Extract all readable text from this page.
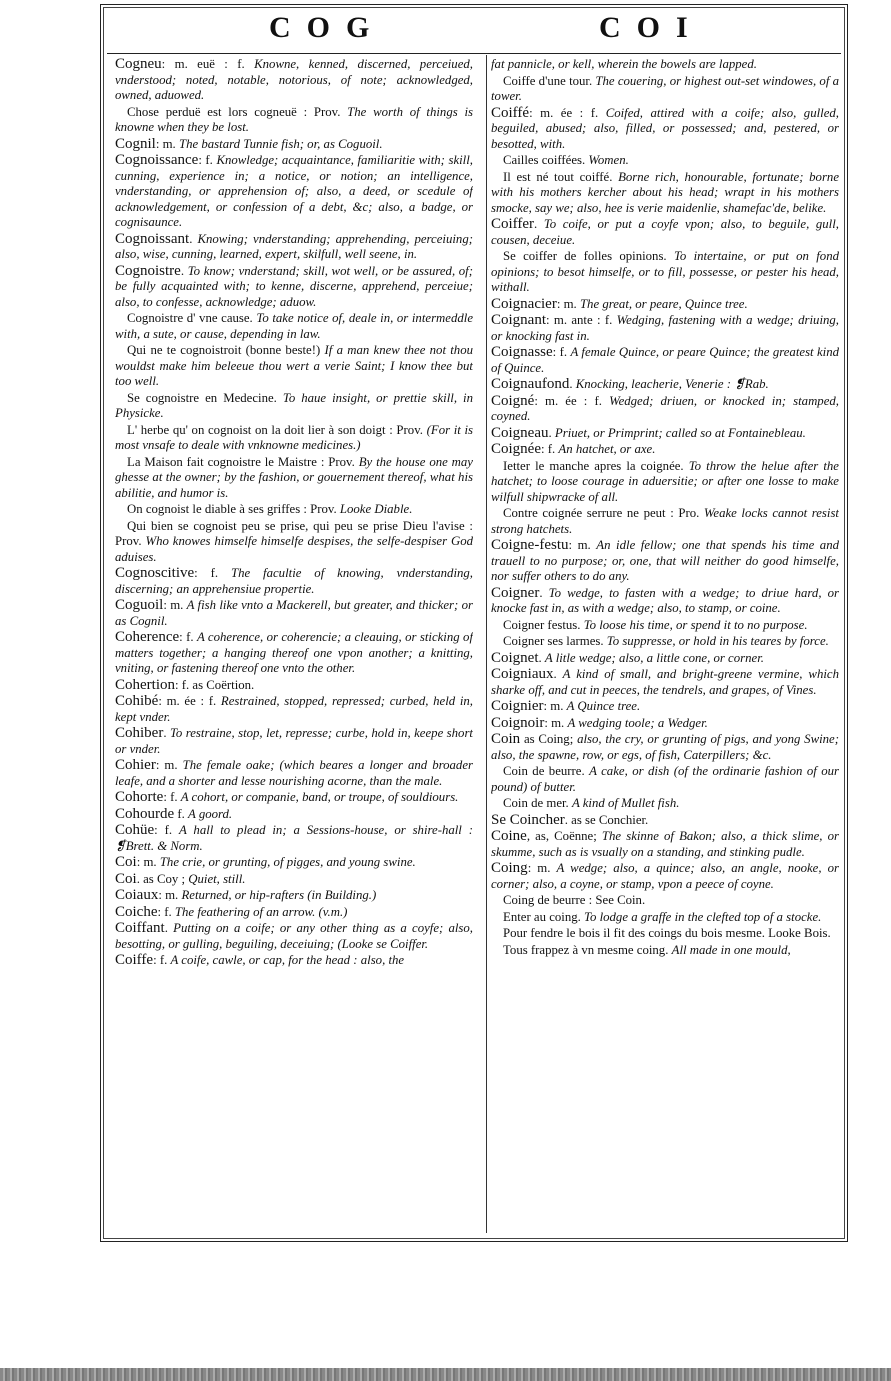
COG	COI

Cogneu: m. euë : f. Knowne, kenned, discerned, perceiued, vnderstood; noted, notable, notorious, of note; acknowledged, owned, aduowed.

Chose perduë est lors cogneuë : Prov. The worth of things is knowne when they be lost.

Cognil: m. The bastard Tunnie fish; or, as Coguoil.

Cognoissance: f. Knowledge; acquaintance, familiaritie with; skill, cunning, experience in; a notice, or notion; an intelligence, vnderstanding, or apprehension of; also, a deed, or scedule of acknowledgement, or confession of a debt, &c; also, a badge, or cognisaunce.

Cognoissant. Knowing; vnderstanding; apprehending, perceiuing; also, wise, cunning, learned, expert, skilfull, well seene, in.

Cognoistre. To know; vnderstand; skill, wot well, or be assured, of; be fully acquainted with; to kenne, discerne, apprehend, perceiue; also, to confesse, acknowledge; aduow.

Cognoistre d' vne cause. To take notice of, deale in, or intermeddle with, a sute, or cause, depending in law.

Qui ne te cognoistroit (bonne beste!) If a man knew thee not thou wouldst make him beleeue thou wert a verie Saint; I know thee but too well.

Se cognoistre en Medecine. To haue insight, or prettie skill, in Physicke.

L' herbe qu' on cognoist on la doit lier à son doigt : Prov. (For it is most vnsafe to deale with vnknowne medicines.)

La Maison fait cognoistre le Maistre : Prov. By the house one may ghesse at the owner; by the fashion, or gouernement thereof, what his abilitie, and humor is.

On cognoist le diable à ses griffes : Prov. Looke Diable.

Qui bien se cognoist peu se prise, qui peu se prise Dieu l'avise : Prov. Who knowes himselfe himselfe despises, the selfe-despiser God aduises.

Cognoscitive: f. The facultie of knowing, vnderstanding, discerning; an apprehensiue propertie.

Coguoil: m. A fish like vnto a Mackerell, but greater, and thicker; or as Cognil.

Coherence: f. A coherence, or coherencie; a cleauing, or sticking of matters together; a hanging thereof one vpon another; a knitting, vniting, or fastening thereof one vnto the other.

Cohertion: f. as Coërtion.

Cohibé: m. ée : f. Restrained, stopped, repressed; curbed, held in, kept vnder.

Cohiber. To restraine, stop, let, represse; curbe, hold in, keepe short or vnder.

Cohier: m. The female oake; (which beares a longer and broader leafe, and a shorter and lesse nourishing acorne, than the male.

Cohorte: f. A cohort, or companie, band, or troupe, of souldiours.

Cohourde f. A goord.

Cohüe: f. A hall to plead in; a Sessions-house, or shire-hall : ❡Brett. & Norm.

Coi: m. The crie, or grunting, of pigges, and young swine.

Coi. as Coy ; Quiet, still.

Coiaux: m. Returned, or hip-rafters (in Building.)

Coiche: f. The feathering of an arrow. (v.m.)

Coiffant. Putting on a coife; or any other thing as a coyfe; also, besotting, or gulling, beguiling, deceiuing; (Looke se Coiffer.

Coiffe: f. A coife, cawle, or cap, for the head : also, the

fat pannicle, or kell, wherein the bowels are lapped.

Coiffe d'une tour. The couering, or highest out-set windowes, of a tower.

Coiffé: m. ée : f. Coifed, attired with a coife; also, gulled, beguiled, abused; also, filled, or possessed; and, pestered, or besotted, with.

Cailles coiffées. Women.

Il est né tout coiffé. Borne rich, honourable, fortunate; borne with his mothers kercher about his head; wrapt in his mothers smocke, say we; also, hee is verie maidenlie, shamefac'de, belike.

Coiffer. To coife, or put a coyfe vpon; also, to beguile, gull, cousen, deceiue.

Se coiffer de folles opinions. To intertaine, or put on fond opinions; to besot himselfe, or to fill, possesse, or pester his head, withall.

Coignacier: m. The great, or peare, Quince tree.

Coignant: m. ante : f. Wedging, fastening with a wedge; driuing, or knocking fast in.

Coignasse: f. A female Quince, or peare Quince; the greatest kind of Quince.

Coignaufond. Knocking, leacherie, Venerie : ❡Rab.

Coigné: m. ée : f. Wedged; driuen, or knocked in; stamped, coyned.

Coigneau. Priuet, or Primprint; called so at Fontainebleau.

Coignée: f. An hatchet, or axe.

Ietter le manche apres la coignée. To throw the helue after the hatchet; to loose courage in aduersitie; or after one losse to make wilfull shipwracke of all.

Contre coignée serrure ne peut : Pro. Weake locks cannot resist strong hatchets.

Coigne-festu: m. An idle fellow; one that spends his time and trauell to no purpose; or, one, that will neither do good himselfe, nor suffer others to do any.

Coigner. To wedge, to fasten with a wedge; to driue hard, or knocke fast in, as with a wedge; also, to stamp, or coine.

Coigner festus. To loose his time, or spend it to no purpose.

Coigner ses larmes. To suppresse, or hold in his teares by force.

Coignet. A litle wedge; also, a little cone, or corner.

Coigniaux. A kind of small, and bright-greene vermine, which sharke off, and cut in peeces, the tendrels, and grapes, of Vines.

Coignier: m. A Quince tree.

Coignoir: m. A wedging toole; a Wedger.

Coin as Coing; also, the cry, or grunting of pigs, and yong Swine; also, the spawne, row, or egs, of fish, Caterpillers; &c.

Coin de beurre. A cake, or dish (of the ordinarie fashion of our pound) of butter.

Coin de mer. A kind of Mullet fish.

Se Coincher. as se Conchier.

Coine, as, Coënne; The skinne of Bakon; also, a thick slime, or skumme, such as is vsually on a standing, and stinking pudle.

Coing: m. A wedge; also, a quince; also, an angle, nooke, or corner; also, a coyne, or stamp, vpon a peece of coyne.

Coing de beurre : See Coin.

Enter au coing. To lodge a graffe in the clefted top of a stocke.

Pour fendre le bois il fit des coings du bois mesme. Looke Bois.

Tous frappez à vn mesme coing. All made in one mould,
